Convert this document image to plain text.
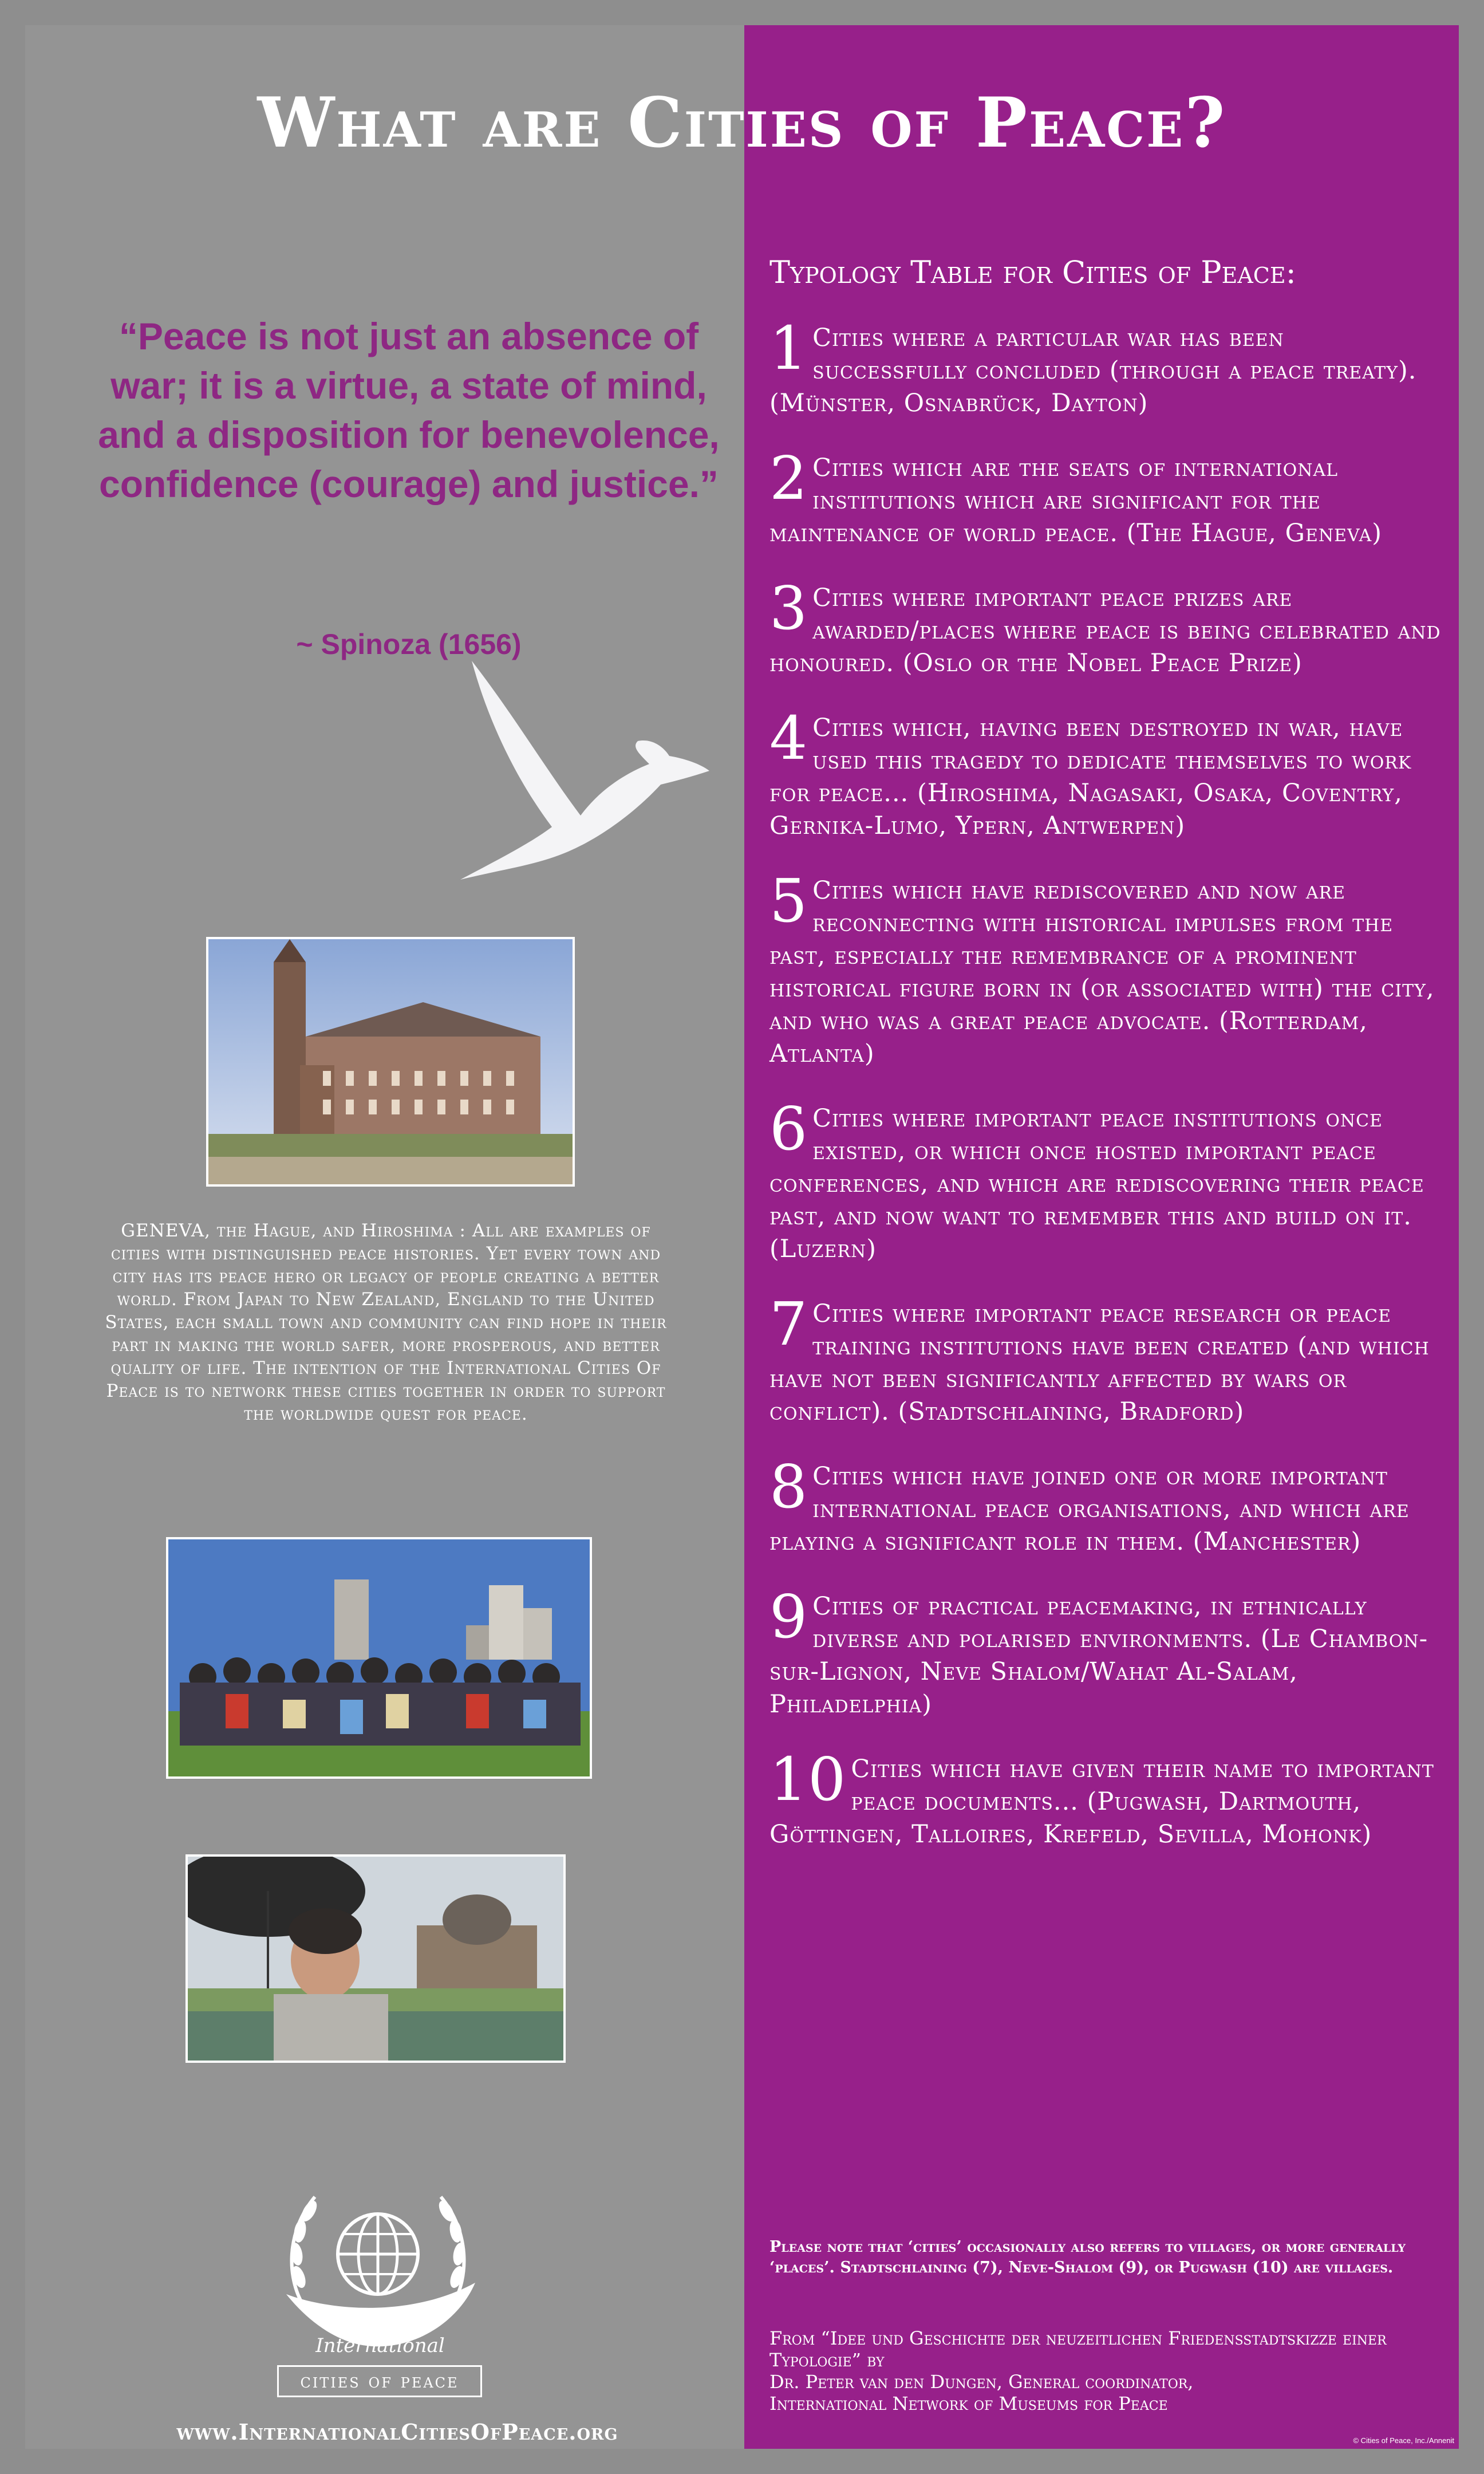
What are Cities of Peace?
“Peace is not just an absence of war; it is a virtue, a state of mind, and a disposition for benevolence, confidence (courage) and justice.”
~ Spinoza (1656)
GENEVA, the Hague, and Hiroshima : All are examples of cities with distinguished peace histories. Yet every town and city has its peace hero or legacy of people creating a better world. From Japan to New Zealand, England to the United States, each small town and community can find hope in their part in making the world safer, more prosperous, and better quality of life. The intention of the International Cities Of Peace is to network these cities together in order to support the worldwide quest for peace.
International
cities of peace
www.InternationalCitiesOfPeace.org
Typology Table for Cities of Peace:
1 Cities where a particular war has been successfully concluded (through a peace treaty). (Münster, Osnabrück, Dayton)
2 Cities which are the seats of international institutions which are significant for the maintenance of world peace. (The Hague, Geneva)
3 Cities where important peace prizes are awarded/places where peace is being celebrated and honoured. (Oslo or the Nobel Peace Prize)
4 Cities which, having been destroyed in war, have used this tragedy to dedicate themselves to work for peace... (Hiroshima, Nagasaki, Osaka, Coventry, Gernika-Lumo, Ypern, Antwerpen)
5 Cities which have rediscovered and now are reconnecting with historical impulses from the past, especially the remembrance of a prominent historical figure born in (or associated with) the city, and who was a great peace advocate. (Rotterdam, Atlanta)
6 Cities where important peace institutions once existed, or which once hosted important peace conferences, and which are rediscovering their peace past, and now want to remember this and build on it. (Luzern)
7 Cities where important peace research or peace training institutions have been created (and which have not been significantly affected by wars or conflict). (Stadtschlaining, Bradford)
8 Cities which have joined one or more important international peace organisations, and which are playing a significant role in them. (Manchester)
9 Cities of practical peacemaking, in ethnically diverse and polarised environments. (Le Chambon-sur-Lignon, Neve Shalom/Wahat Al-Salam, Philadelphia)
10 Cities which have given their name to important peace documents... (Pugwash, Dartmouth, Göttingen, Talloires, Krefeld, Sevilla, Mohonk)
Please note that ‘cities’ occasionally also refers to villages, or more generally ‘places’. Stadtschlaining (7), Neve-Shalom (9), or Pugwash (10) are villages.
From “Idee und Geschichte der neuzeitlichen Friedensstadtskizze einer Typologie” by
Dr. Peter van den Dungen, General coordinator,
International Network of Museums for Peace
© Cities of Peace, Inc./Annenit
